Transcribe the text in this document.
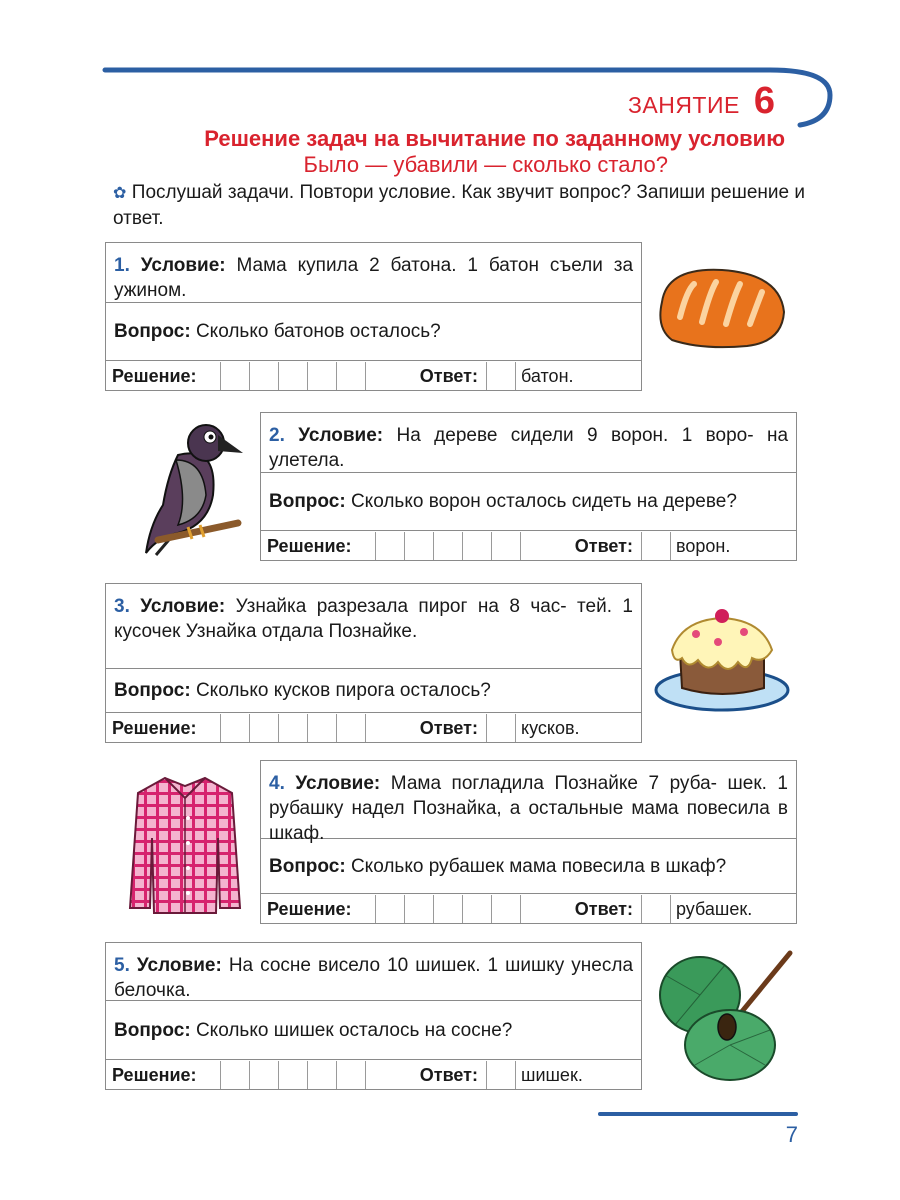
ЗАНЯТИЕ 6
Решение задач на вычитание по заданному условию
Было — убавили — сколько стало?
✿ Послушай задачи. Повтори условие. Как звучит вопрос? Запиши решение и ответ.
1. Условие: Мама купила 2 батона. 1 батон съели за ужином.
Вопрос:
Сколько батонов осталось?
Решение:	Ответ:	батон.
2. Условие: На дереве сидели 9 ворон. 1 воро- на улетела.
Вопрос:
Сколько ворон осталось сидеть на дереве?
Решение:	Ответ:	ворон.
3. Условие: Узнайка разрезала пирог на 8 час- тей. 1 кусочек Узнайка отдала Познайке.
Вопрос:
Сколько кусков пирога осталось?
Решение:	Ответ:	кусков.
4. Условие: Мама погладила Познайке 7 руба- шек. 1 рубашку надел Познайка, а остальные мама повесила в шкаф.
Вопрос:
Сколько рубашек мама повесила в шкаф?
Решение:	Ответ:	рубашек.
5. Условие: На сосне висело 10 шишек. 1 шишку унесла белочка.
Вопрос:
Сколько шишек осталось на сосне?
Решение:	Ответ:	шишек.
7
